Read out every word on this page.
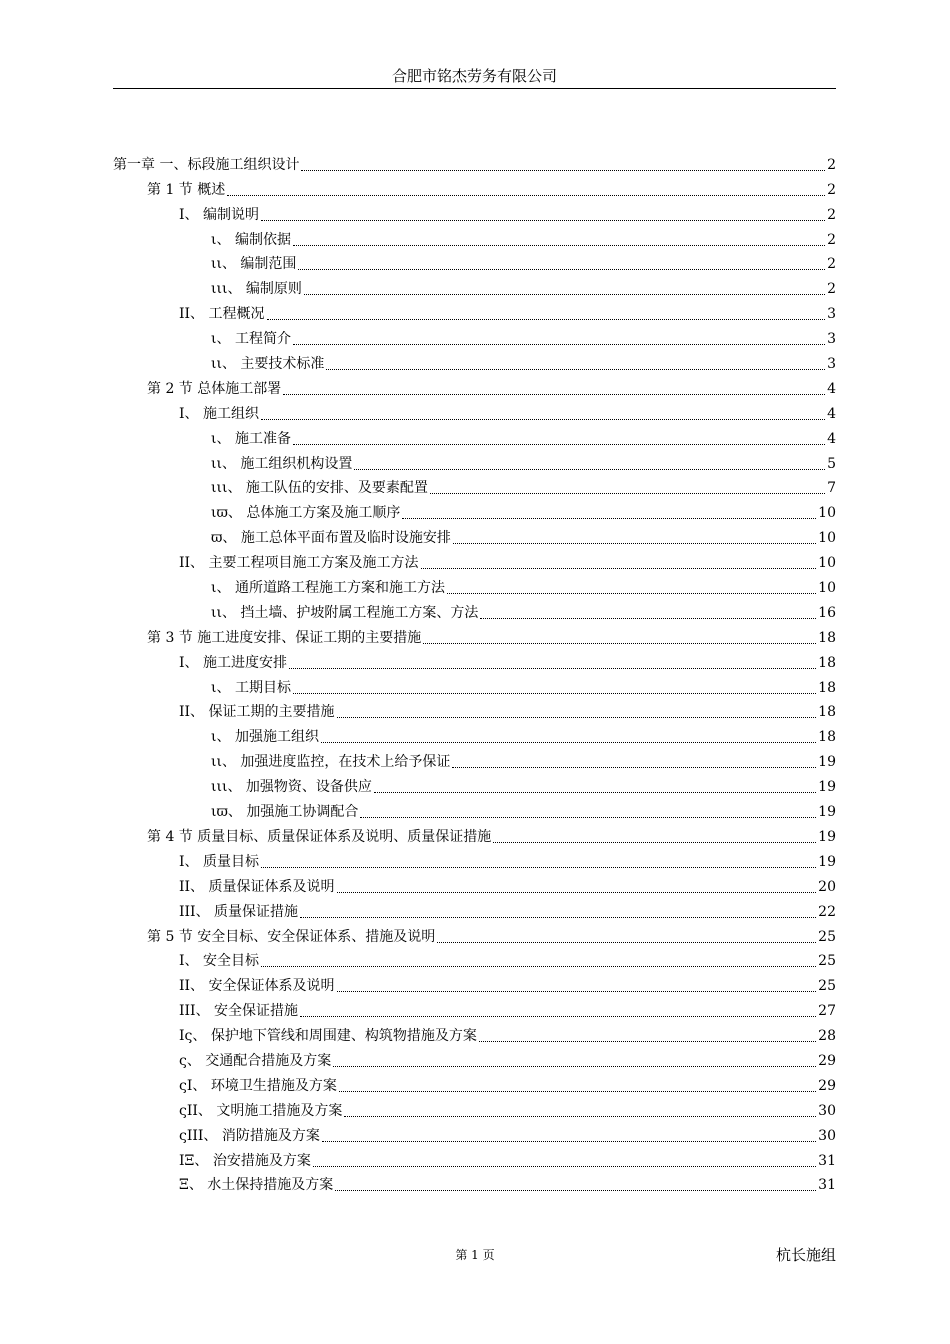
合肥市铭杰劳务有限公司
第一章 一、标段施工组织设计	2
第 1 节 概述	2
I、 编制说明	2
ι、 编制依据	2
ιι、 编制范围	2
ιιι、 编制原则	2
II、 工程概况	3
ι、 工程简介	3
ιι、 主要技术标准	3
第 2 节 总体施工部署	4
I、 施工组织	4
ι、 施工准备	4
ιι、 施工组织机构设置	5
ιιι、 施工队伍的安排、及要素配置	7
ιϖ、 总体施工方案及施工顺序	10
ϖ、 施工总体平面布置及临时设施安排	10
II、 主要工程项目施工方案及施工方法	10
ι、 通所道路工程施工方案和施工方法	10
ιι、 挡土墙、护坡附属工程施工方案、方法	16
第 3 节 施工进度安排、保证工期的主要措施	18
I、 施工进度安排	18
ι、 工期目标	18
II、 保证工期的主要措施	18
ι、 加强施工组织	18
ιι、 加强进度监控，在技术上给予保证	19
ιιι、 加强物资、设备供应	19
ιϖ、 加强施工协调配合	19
第 4 节 质量目标、质量保证体系及说明、质量保证措施	19
I、 质量目标	19
II、 质量保证体系及说明	20
III、 质量保证措施	22
第 5 节 安全目标、安全保证体系、措施及说明	25
I、 安全目标	25
II、 安全保证体系及说明	25
III、 安全保证措施	27
Iς、 保护地下管线和周围建、构筑物措施及方案	28
ς、 交通配合措施及方案	29
ςI、 环境卫生措施及方案	29
ςII、 文明施工措施及方案	30
ςIII、 消防措施及方案	30
IΞ、 治安措施及方案	31
Ξ、 水土保持措施及方案	31
第 1 页	杭长施组
